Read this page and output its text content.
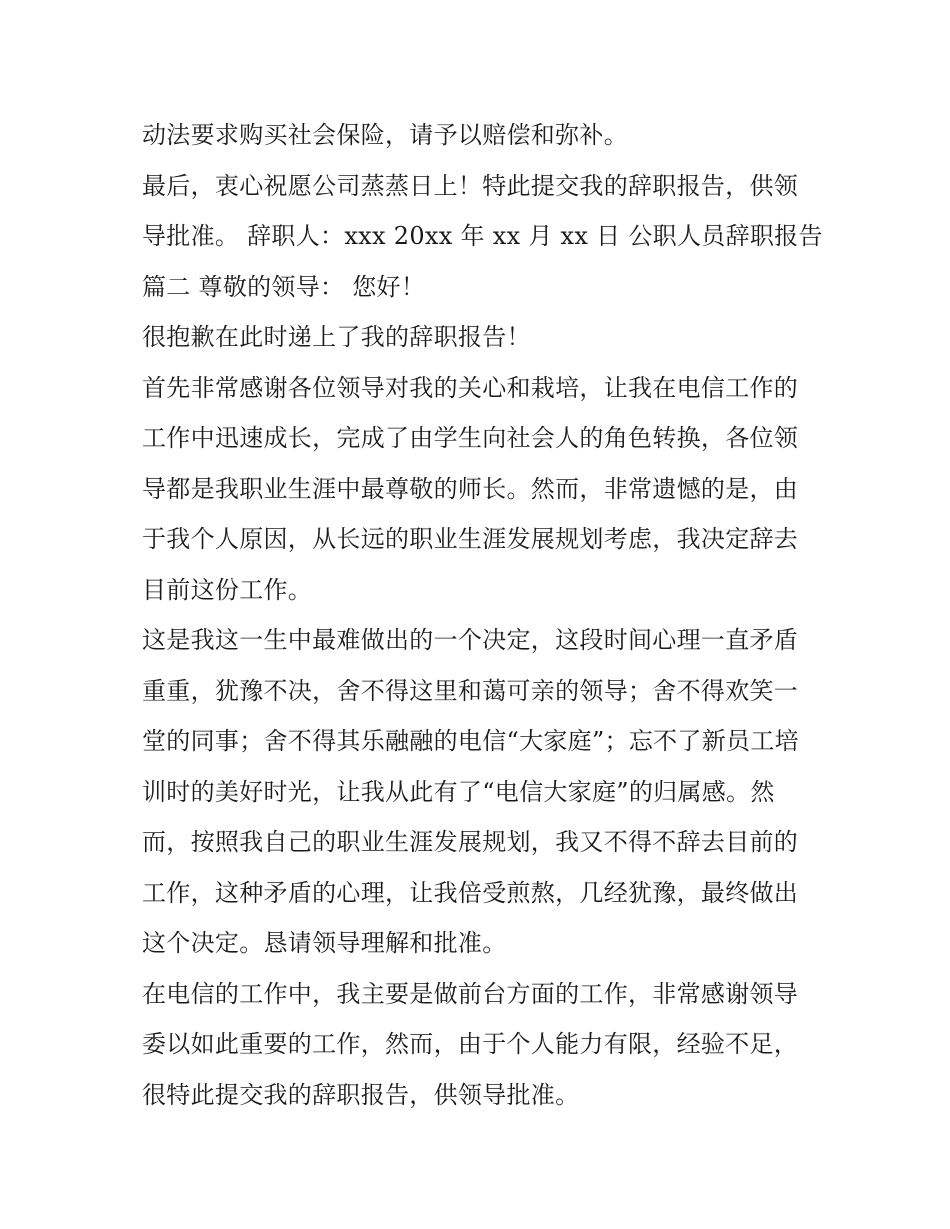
动法要求购买社会保险，请予以赔偿和弥补。
最后，衷心祝愿公司蒸蒸日上！特此提交我的辞职报告，供领
导批准。 辞职人：xxx 20xx 年 xx 月 xx 日 公职人员辞职报告
篇二 尊敬的领导： 您好！
很抱歉在此时递上了我的辞职报告！
首先非常感谢各位领导对我的关心和栽培，让我在电信工作的
工作中迅速成长，完成了由学生向社会人的角色转换，各位领
导都是我职业生涯中最尊敬的师长。然而，非常遗憾的是，由
于我个人原因，从长远的职业生涯发展规划考虑，我决定辞去
目前这份工作。
这是我这一生中最难做出的一个决定，这段时间心理一直矛盾
重重，犹豫不决，舍不得这里和蔼可亲的领导；舍不得欢笑一
堂的同事；舍不得其乐融融的电信“大家庭”；忘不了新员工培
训时的美好时光，让我从此有了“电信大家庭”的归属感。然
而，按照我自己的职业生涯发展规划，我又不得不辞去目前的
工作，这种矛盾的心理，让我倍受煎熬，几经犹豫，最终做出
这个决定。恳请领导理解和批准。
在电信的工作中，我主要是做前台方面的工作，非常感谢领导
委以如此重要的工作，然而，由于个人能力有限，经验不足，
很特此提交我的辞职报告，供领导批准。
